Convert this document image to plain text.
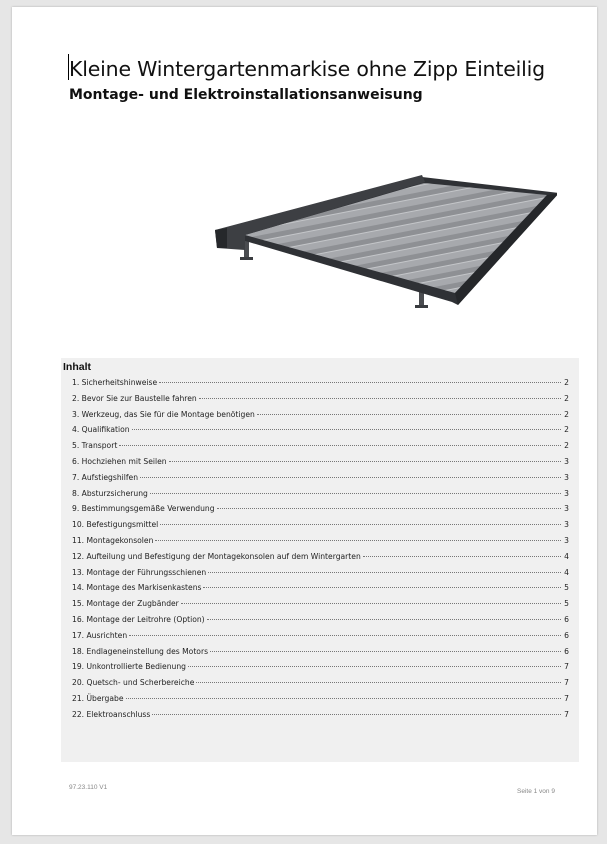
Kleine Wintergartenmarkise ohne Zipp Einteilig
Montage- und Elektroinstallationsanweisung
Inhalt
1. Sicherheitshinweise	2
2. Bevor Sie zur Baustelle fahren	2
3. Werkzeug, das Sie für die Montage benötigen	2
4. Qualifikation	2
5. Transport	2
6. Hochziehen mit Seilen	3
7. Aufstiegshilfen	3
8. Absturzsicherung	3
9. Bestimmungsgemäße Verwendung	3
10. Befestigungsmittel	3
11. Montagekonsolen	3
12. Aufteilung und Befestigung der Montagekonsolen auf dem Wintergarten	4
13. Montage der Führungsschienen	4
14. Montage des Markisenkastens	5
15. Montage der Zugbänder	5
16. Montage der Leitrohre (Option)	6
17. Ausrichten	6
18. Endlageneinstellung des Motors	6
19. Unkontrollierte Bedienung	7
20. Quetsch- und Scherbereiche	7
21. Übergabe	7
22. Elektroanschluss	7
97.23.110 V1
Seite 1 von 9
